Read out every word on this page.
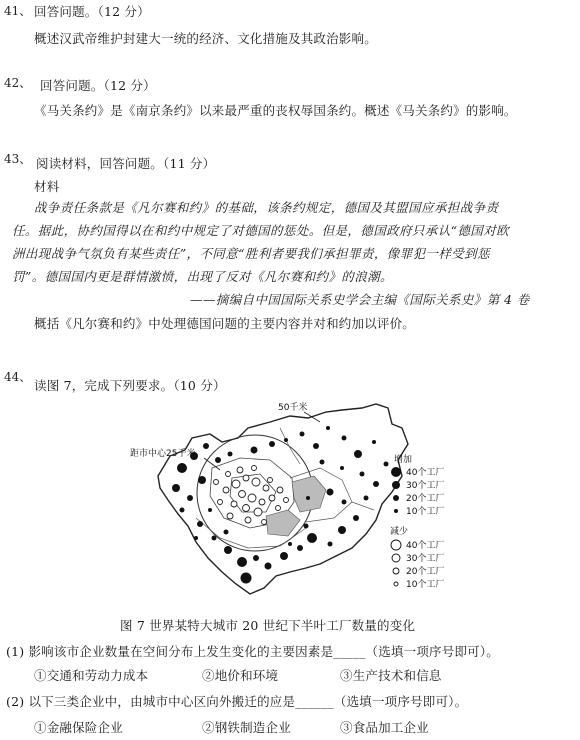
41、 回答问题。（12 分）
概述汉武帝维护封建大一统的经济、文化措施及其政治影响。
42、 回答问题。（12 分）
《马关条约》是《南京条约》以来最严重的丧权辱国条约。概述《马关条约》的影响。
43、 阅读材料，回答问题。（11 分）
材料
战争责任条款是《凡尔赛和约》的基础，该条约规定，德国及其盟国应承担战争责
任。据此，协约国得以在和约中规定了对德国的惩处。但是，德国政府只承认“德国对欧
洲出现战争气氛负有某些责任”，不同意“胜利者要我们承担罪责，像罪犯一样受到惩
罚”。德国国内更是群情激愤，出现了反对《凡尔赛和约》的浪潮。
——摘编自中国国际关系史学会主编《国际关系史》第 4 卷
概括《凡尔赛和约》中处理德国问题的主要内容并对和约加以评价。
44、
读图 7，完成下列要求。（10 分）
50千米
距市中心25千米
增加
40个工厂
30个工厂
20个工厂
10个工厂
减少
40个工厂
30个工厂
20个工厂
10个工厂
图 7 世界某特大城市 20 世纪下半叶工厂数量的变化
(1) 影响该市企业数量在空间分布上发生变化的主要因素是_____（选填一项序号即可）。
①交通和劳动力成本	②地价和环境	③生产技术和信息
(2) 以下三类企业中，由城市中心区向外搬迁的应是______（选填一项序号即可）。
①金融保险企业	②钢铁制造企业	③食品加工企业
